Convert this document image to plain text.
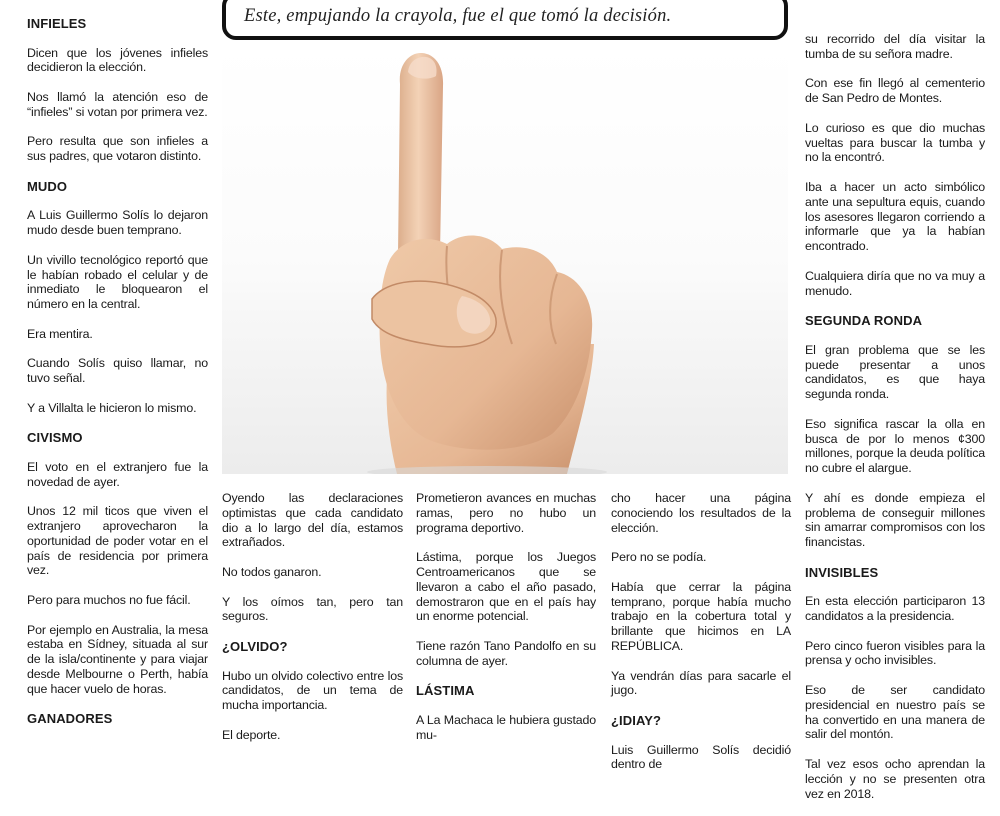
Este, empujando la crayola, fue el que tomó la decisión.
INFIELES

Dicen que los jóvenes infieles decidieron la elección.

Nos llamó la atención eso de “infieles” si votan por primera vez.

Pero resulta que son infieles a sus padres, que votaron distinto.

MUDO

A Luis Guillermo Solís lo dejaron mudo desde buen temprano.

Un vivillo tecnológico reportó que le habían robado el celular y de inmediato le bloquearon el número en la central.

Era mentira.

Cuando Solís quiso llamar, no tuvo señal.

Y a Villalta le hicieron lo mismo.

CIVISMO

El voto en el extranjero fue la novedad de ayer.

Unos 12 mil ticos que viven el extranjero aprovecharon la oportunidad de poder votar en el país de residencia por primera vez.

Pero para muchos no fue fácil.

Por ejemplo en Australia, la mesa estaba en Sídney, situada al sur de la isla/continente y para viajar desde Melbourne o Perth, había que hacer vuelo de horas.

GANADORES

Oyendo las declaraciones optimistas que cada candidato dio a lo largo del día, estamos extrañados.

No todos ganaron.

Y los oímos tan, pero tan seguros.

¿OLVIDO?

Hubo un olvido colectivo entre los candidatos, de un tema de mucha importancia.

El deporte.

Prometieron avances en muchas ramas, pero no hubo un programa deportivo.

Lástima, porque los Juegos Centroamericanos que se llevaron a cabo el año pasado, demostraron que en el país hay un enorme potencial.

Tiene razón Tano Pandolfo en su columna de ayer.

LÁSTIMA

A La Machaca le hubiera gustado mu-

cho hacer una página conociendo los resultados de la elección.

Pero no se podía.

Había que cerrar la página temprano, porque había mucho trabajo en la cobertura total y brillante que hicimos en LA REPÚBLICA.

Ya vendrán días para sacarle el jugo.

¿IDIAY?

Luis Guillermo Solís decidió dentro de

su recorrido del día visitar la tumba de su señora madre.

Con ese fin llegó al cementerio de San Pedro de Montes.

Lo curioso es que dio muchas vueltas para buscar la tumba y no la encontró.

Iba a hacer un acto simbólico ante una sepultura equis, cuando los asesores llegaron corriendo a informarle que ya la habían encontrado.

Cualquiera diría que no va muy a menudo.

SEGUNDA RONDA

El gran problema que se les puede presentar a unos candidatos, es que haya segunda ronda.

Eso significa rascar la olla en busca de por lo menos ¢300 millones, porque la deuda política no cubre el alargue.

Y ahí es donde empieza el problema de conseguir millones sin amarrar compromisos con los financistas.

INVISIBLES

En esta elección participaron 13 candidatos a la presidencia.

Pero cinco fueron visibles para la prensa y ocho invisibles.

Eso de ser candidato presidencial en nuestro país se ha convertido en una manera de salir del montón.

Tal vez esos ocho aprendan la lección y no se presenten otra vez en 2018.
